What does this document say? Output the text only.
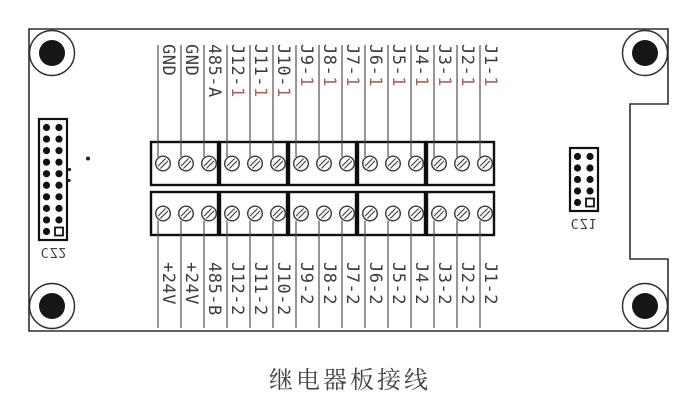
GND
+24V
GND
+24V
485-A
485-B
J12-1
J12-2
J11-1
J11-2
J10-1
J10-2
J9-1
J9-2
J8-1
J8-2
J7-1
J7-2
J6-1
J6-2
J5-1
J5-2
J4-1
J4-2
J3-1
J3-2
J2-1
J2-2
J1-1
J1-2
CZ2
CZ1
继电器板接线
